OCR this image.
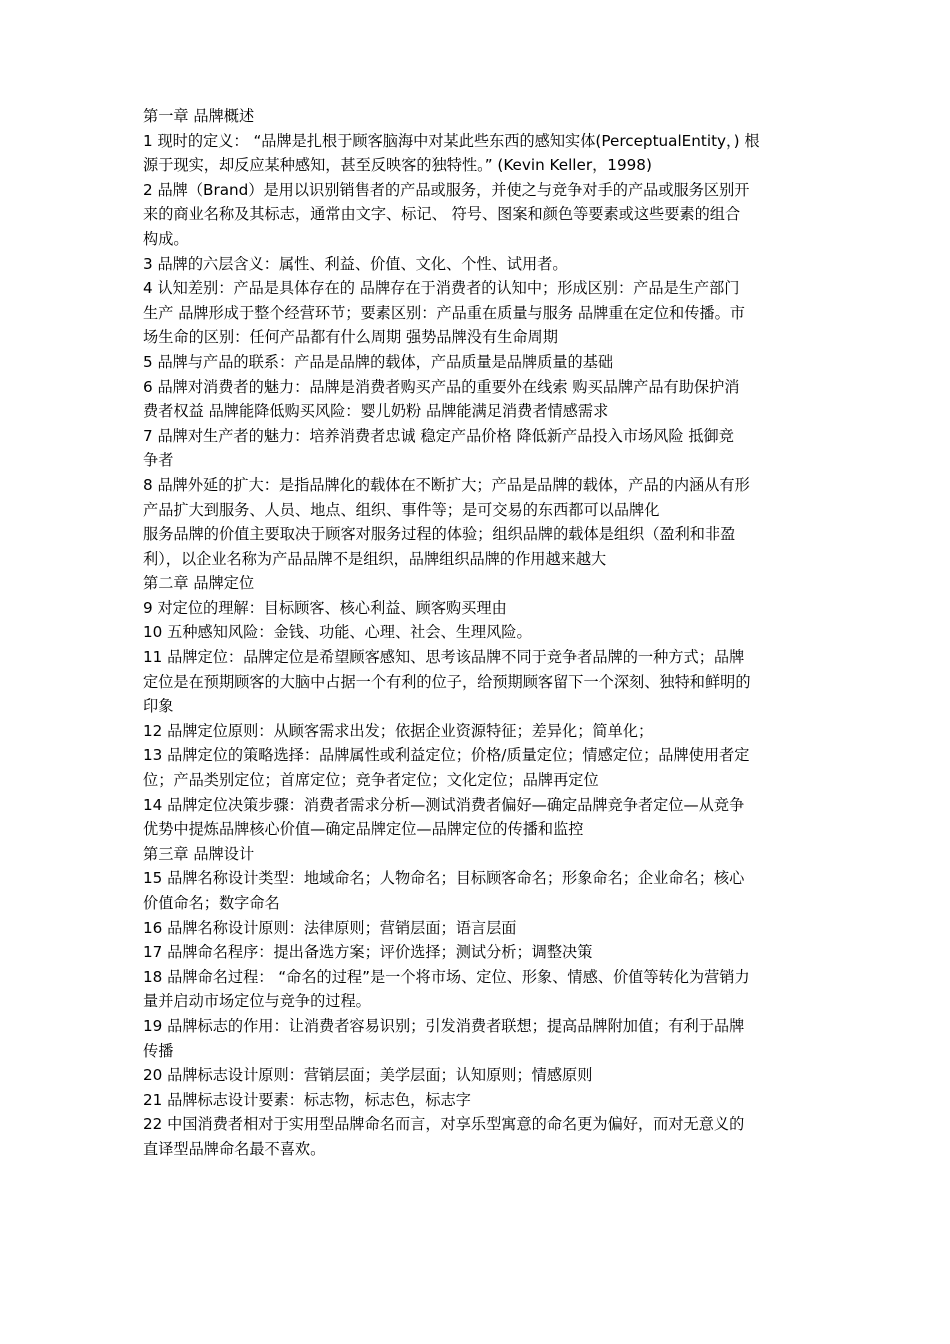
第一章 品牌概述
1 现时的定义： “品牌是扎根于顾客脑海中对某此些东西的感知实体(PerceptualEntity，) 根
源于现实，却反应某种感知，甚至反映客的独特性。” (Kevin Keller，1998)
2 品牌（Brand）是用以识别销售者的产品或服务，并使之与竞争对手的产品或服务区别开
来的商业名称及其标志，通常由文字、标记、 符号、图案和颜色等要素或这些要素的组合
构成。
3 品牌的六层含义：属性、利益、价值、文化、个性、试用者。
4 认知差别：产品是具体存在的 品牌存在于消费者的认知中；形成区别：产品是生产部门
生产 品牌形成于整个经营环节；要素区别：产品重在质量与服务 品牌重在定位和传播。市
场生命的区别：任何产品都有什么周期 强势品牌没有生命周期
5 品牌与产品的联系：产品是品牌的载体，产品质量是品牌质量的基础
6 品牌对消费者的魅力：品牌是消费者购买产品的重要外在线索 购买品牌产品有助保护消
费者权益 品牌能降低购买风险：婴儿奶粉 品牌能满足消费者情感需求
7 品牌对生产者的魅力：培养消费者忠诚 稳定产品价格 降低新产品投入市场风险 抵御竞
争者
8 品牌外延的扩大：是指品牌化的载体在不断扩大；产品是品牌的载体，产品的内涵从有形
产品扩大到服务、人员、地点、组织、事件等；是可交易的东西都可以品牌化
服务品牌的价值主要取决于顾客对服务过程的体验；组织品牌的载体是组织（盈利和非盈
利），以企业名称为产品品牌不是组织，品牌组织品牌的作用越来越大
第二章 品牌定位
9 对定位的理解：目标顾客、核心利益、顾客购买理由
10 五种感知风险：金钱、功能、心理、社会、生理风险。
11 品牌定位：品牌定位是希望顾客感知、思考该品牌不同于竞争者品牌的一种方式；品牌
定位是在预期顾客的大脑中占据一个有利的位子，给预期顾客留下一个深刻、独特和鲜明的
印象
12 品牌定位原则：从顾客需求出发；依据企业资源特征；差异化；简单化；
13 品牌定位的策略选择：品牌属性或利益定位；价格/质量定位；情感定位；品牌使用者定
位；产品类别定位；首席定位；竞争者定位；文化定位；品牌再定位
14 品牌定位决策步骤：消费者需求分析—测试消费者偏好—确定品牌竞争者定位—从竞争
优势中提炼品牌核心价值—确定品牌定位—品牌定位的传播和监控
第三章 品牌设计
15 品牌名称设计类型：地域命名；人物命名；目标顾客命名；形象命名；企业命名；核心
价值命名；数字命名
16 品牌名称设计原则：法律原则；营销层面；语言层面
17 品牌命名程序：提出备选方案；评价选择；测试分析；调整决策
18 品牌命名过程： “命名的过程”是一个将市场、定位、形象、情感、价值等转化为营销力
量并启动市场定位与竞争的过程。
19 品牌标志的作用：让消费者容易识别；引发消费者联想；提高品牌附加值；有利于品牌
传播
20 品牌标志设计原则：营销层面；美学层面；认知原则；情感原则
21 品牌标志设计要素：标志物，标志色，标志字
22 中国消费者相对于实用型品牌命名而言，对享乐型寓意的命名更为偏好，而对无意义的
直译型品牌命名最不喜欢。
